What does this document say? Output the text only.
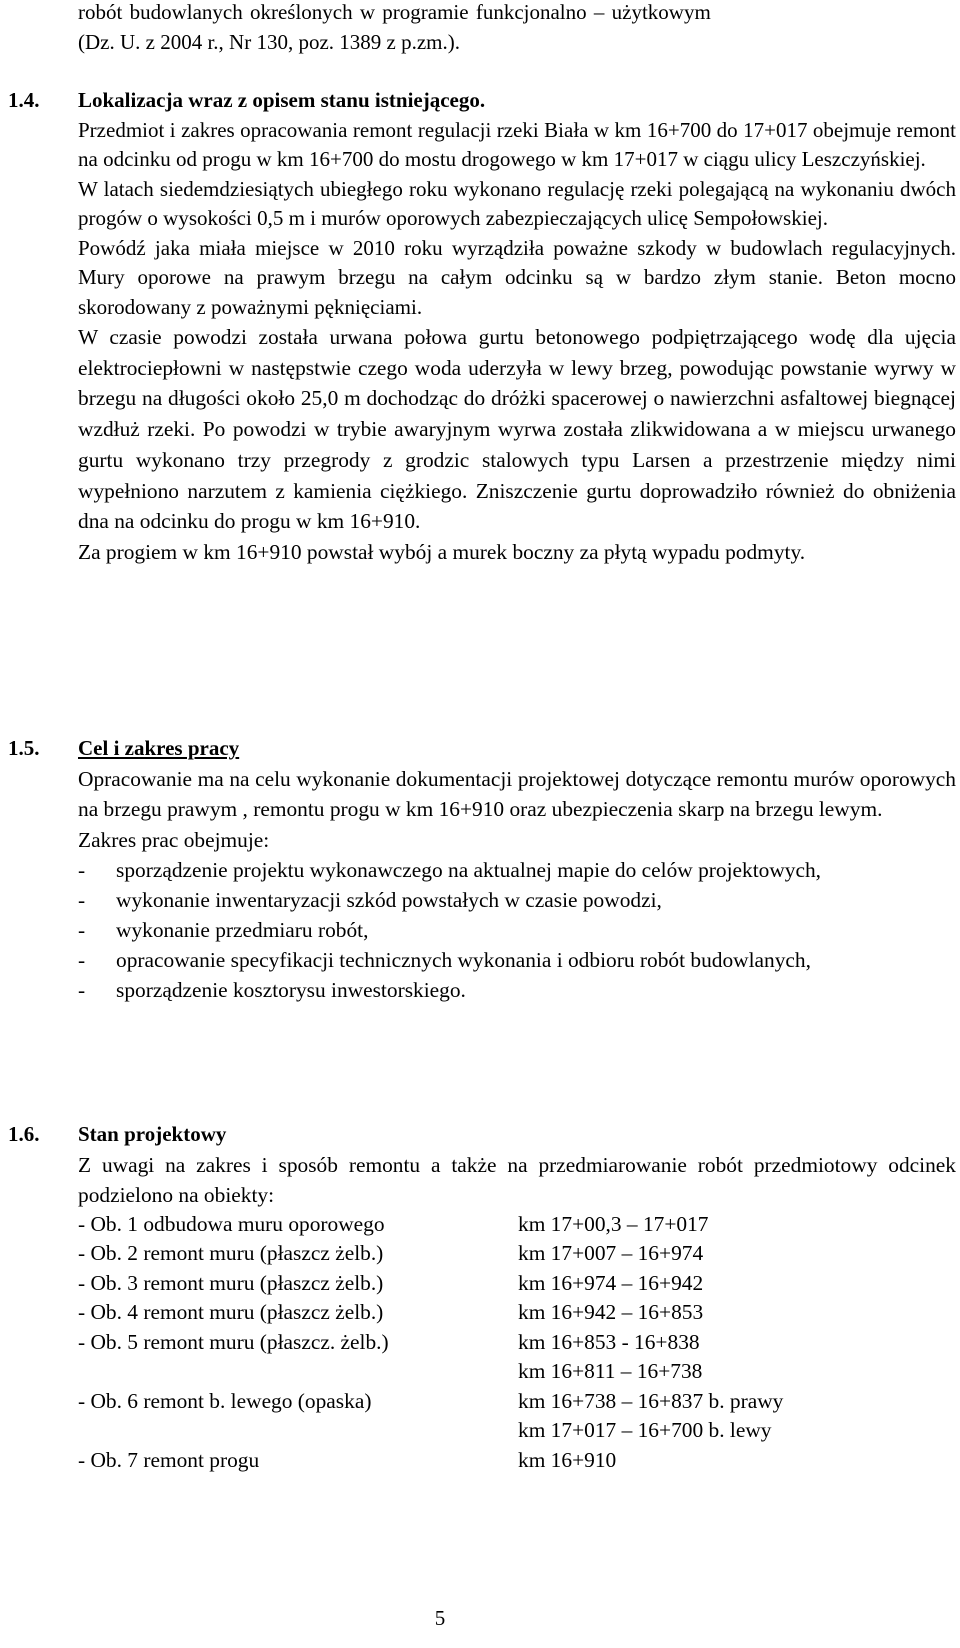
robót budowlanych określonych w programie funkcjonalno – użytkowym

(Dz. U. z 2004 r., Nr 130, poz. 1389 z p.zm.).

1.4.	Lokalizacja wraz z opisem stanu istniejącego.

Przedmiot i zakres opracowania remont regulacji rzeki Biała w km 16+700 do 17+017 obejmuje remont na odcinku od progu w km 16+700 do mostu drogowego w km 17+017 w ciągu ulicy Leszczyńskiej.

W latach siedemdziesiątych ubiegłego roku wykonano regulację rzeki polegającą na wykonaniu dwóch progów o wysokości 0,5 m i murów oporowych zabezpieczających ulicę Sempołowskiej.

Powódź jaka miała miejsce w 2010 roku wyrządziła poważne szkody w budowlach regulacyjnych. Mury oporowe na prawym brzegu na całym odcinku są w bardzo złym stanie. Beton mocno skorodowany z poważnymi pęknięciami.

W czasie powodzi została urwana połowa gurtu betonowego podpiętrzającego wodę dla ujęcia elektrociepłowni w następstwie czego woda uderzyła w lewy brzeg, powodując powstanie wyrwy w brzegu na długości około 25,0 m dochodząc do dróżki spacerowej o nawierzchni asfaltowej biegnącej wzdłuż rzeki. Po powodzi w trybie awaryjnym wyrwa została zlikwidowana a w miejscu urwanego gurtu wykonano trzy przegrody z grodzic stalowych typu Larsen a przestrzenie między nimi wypełniono narzutem z kamienia ciężkiego. Zniszczenie gurtu doprowadziło również do obniżenia dna na odcinku do progu w km 16+910.

Za progiem w km 16+910 powstał wybój a murek boczny za płytą wypadu podmyty.

1.5.	Cel i zakres pracy

Opracowanie ma na celu wykonanie dokumentacji projektowej dotyczące remontu murów oporowych na brzegu prawym , remontu progu w km 16+910 oraz ubezpieczenia skarp na brzegu lewym.

Zakres prac obejmuje:

- sporządzenie projektu wykonawczego na aktualnej mapie do celów projektowych,
- wykonanie inwentaryzacji szkód powstałych w czasie powodzi,
- wykonanie przedmiaru robót,
- opracowanie specyfikacji technicznych wykonania i odbioru robót budowlanych,
- sporządzenie kosztorysu inwestorskiego.
1.6.	Stan projektowy

Z uwagi na zakres i sposób remontu a także na przedmiarowanie robót przedmiotowy odcinek podzielono na obiekty:

- Ob. 1 odbudowa muru oporowego	km 17+00,3 – 17+017
- Ob. 2 remont muru (płaszcz żelb.)	km 17+007 – 16+974
- Ob. 3 remont muru (płaszcz żelb.)	km 16+974 – 16+942
- Ob. 4 remont muru (płaszcz żelb.)	km 16+942 – 16+853
- Ob. 5 remont muru (płaszcz. żelb.)	km 16+853 - 16+838
km 16+811 – 16+738
- Ob. 6 remont b. lewego (opaska)	km 16+738 – 16+837 b. prawy
km 17+017 – 16+700 b. lewy
- Ob. 7 remont progu	km 16+910
5
